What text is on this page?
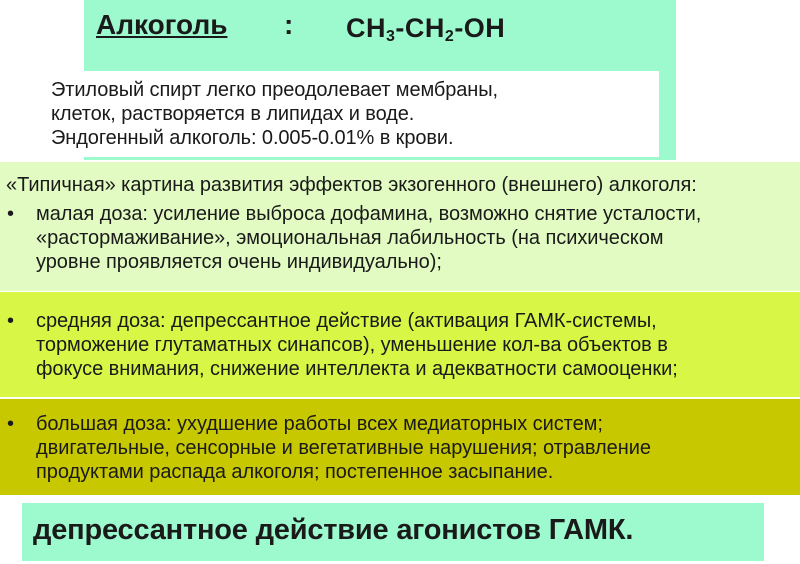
Алкоголь : $CH_3-CH_2-OH$
Этиловый спирт легко преодолевает мембраны,
клеток, растворяется в липидах и воде.
Эндогенный алкоголь: 0.005-0.01% в крови.
«Типичная» картина развития эффектов экзогенного (внешнего) алкоголя:
• малая доза: усиление выброса дофамина, возможно снятие усталости,
«растормаживание», эмоциональная лабильность (на психическом
уровне проявляется очень индивидуально);
• средняя доза: депрессантное действие (активация ГАМК-системы,
торможение глутаматных синапсов), уменьшение кол-ва объектов в
фокусе внимания, снижение интеллекта и адекватности самооценки;
• большая доза: ухудшение работы всех медиаторных систем;
двигательные, сенсорные и вегетативные нарушения; отравление
продуктами распада алкоголя; постепенное засыпание.
депрессантное действие агонистов ГАМК.
